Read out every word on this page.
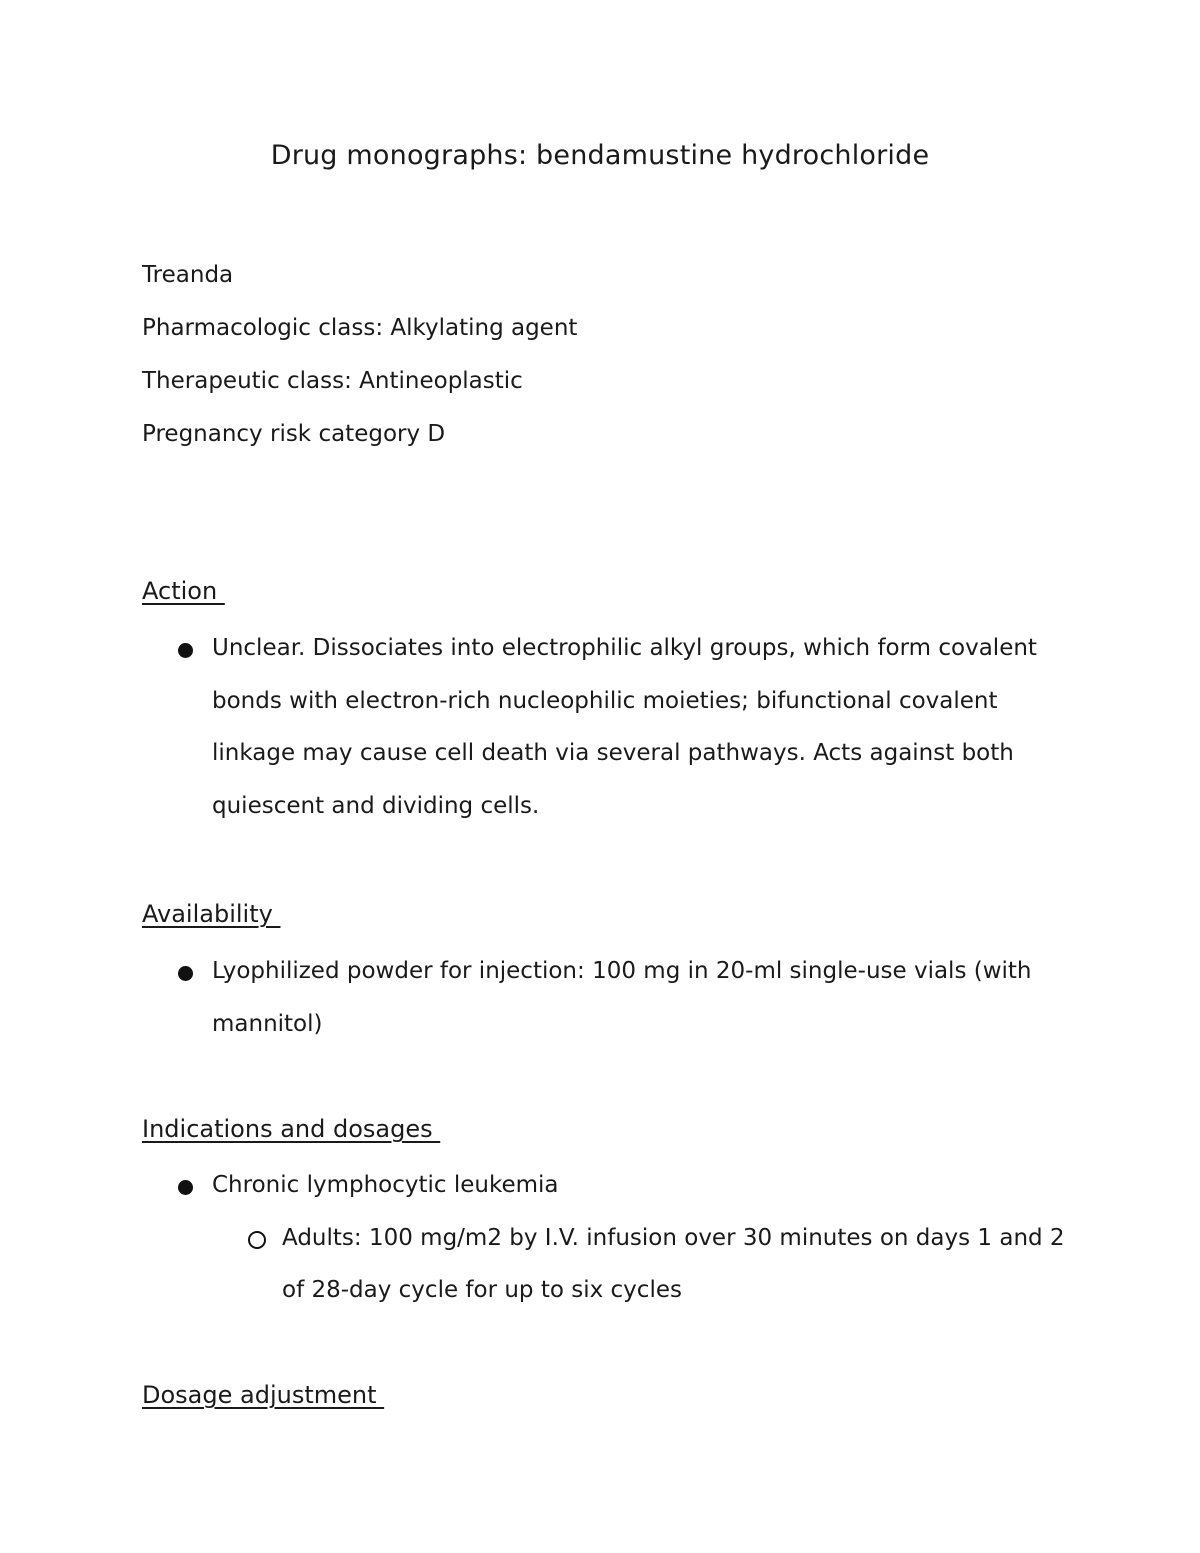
Drug monographs: bendamustine hydrochloride

Treanda

Pharmacologic class: Alkylating agent

Therapeutic class: Antineoplastic

Pregnancy risk category D

Action
Unclear. Dissociates into electrophilic alkyl groups, which form covalent bonds with electron-rich nucleophilic moieties; bifunctional covalent linkage may cause cell death via several pathways. Acts against both quiescent and dividing cells.
Availability
Lyophilized powder for injection: 100 mg in 20-ml single-use vials (with mannitol)
Indications and dosages
Chronic lymphocytic leukemia
Adults: 100 mg/m2 by I.V. infusion over 30 minutes on days 1 and 2 of 28-day cycle for up to six cycles
Dosage adjustment
